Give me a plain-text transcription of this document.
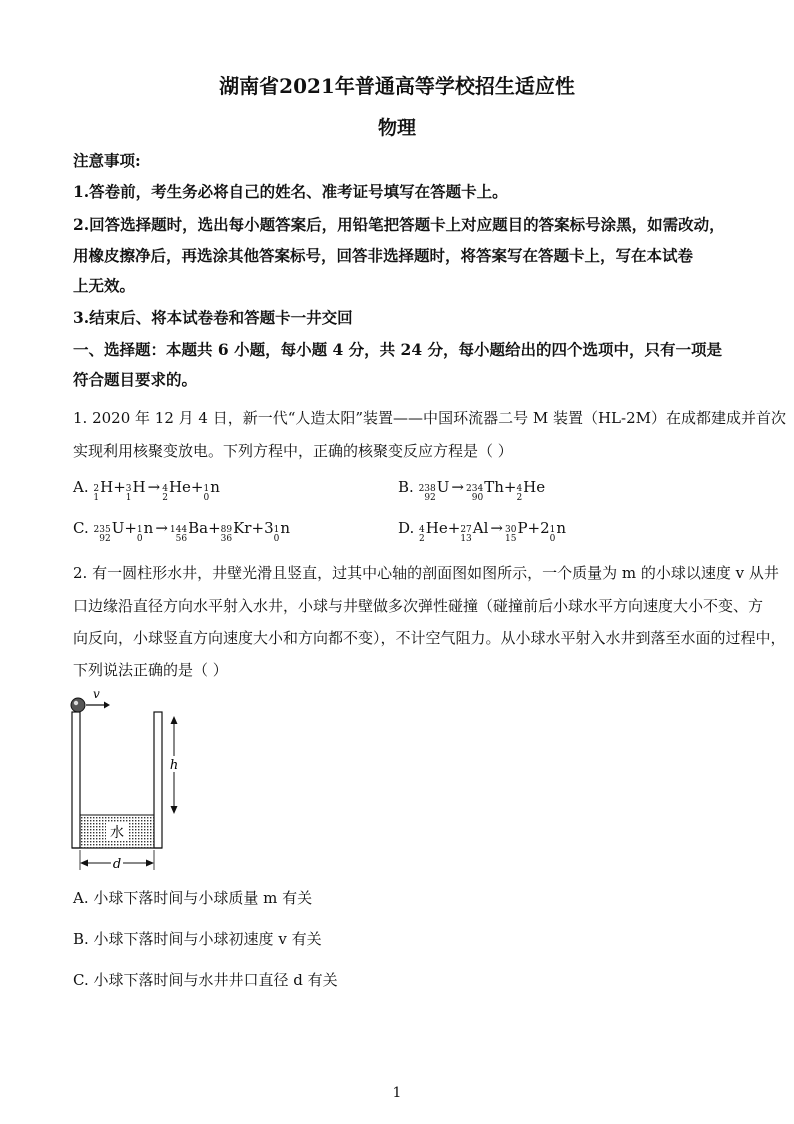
湖南省2021年普通高等学校招生适应性
物理
注意事项:
1.答卷前，考生务必将自己的姓名、准考证号填写在答题卡上。
2.回答选择题时，选出每小题答案后，用铅笔把答题卡上对应题目的答案标号涂黑，如需改动，
用橡皮擦净后，再选涂其他答案标号，回答非选择题时，将答案写在答题卡上，写在本试卷
上无效。
3.结束后、将本试卷卷和答题卡一井交回
一、选择题：本题共 6 小题，每小题 4 分，共 24 分，每小题给出的四个选项中，只有一项是
符合题目要求的。
1. 2020 年 12 月 4 日，新一代“人造太阳”装置——中国环流器二号 M 装置（HL-2M）在成都建成并首次
实现利用核聚变放电。下列方程中，正确的核聚变反应方程是（ ）
A. 2
1
H + 3
1
H → 4
2
He + 1
0
n	B. 238
92
U → 234
90
Th + 4
2
He
C. 235
92
U + 1
0
n → 144
56
Ba + 89
36
Kr +3 1
0
n	D. 4
2
He + 27
13
Al → 30
15
P +2 1
0
n
2. 有一圆柱形水井，井壁光滑且竖直，过其中心轴的剖面图如图所示，一个质量为 m 的小球以速度 v 从井
口边缘沿直径方向水平射入水井，小球与井壁做多次弹性碰撞（碰撞前后小球水平方向速度大小不变、方
向反向，小球竖直方向速度大小和方向都不变），不计空气阻力。从小球水平射入水井到落至水面的过程中，
下列说法正确的是（ ）
水
v
h
d
A. 小球下落时间与小球质量 m 有关
B. 小球下落时间与小球初速度 v 有关
C. 小球下落时间与水井井口直径 d 有关
1
